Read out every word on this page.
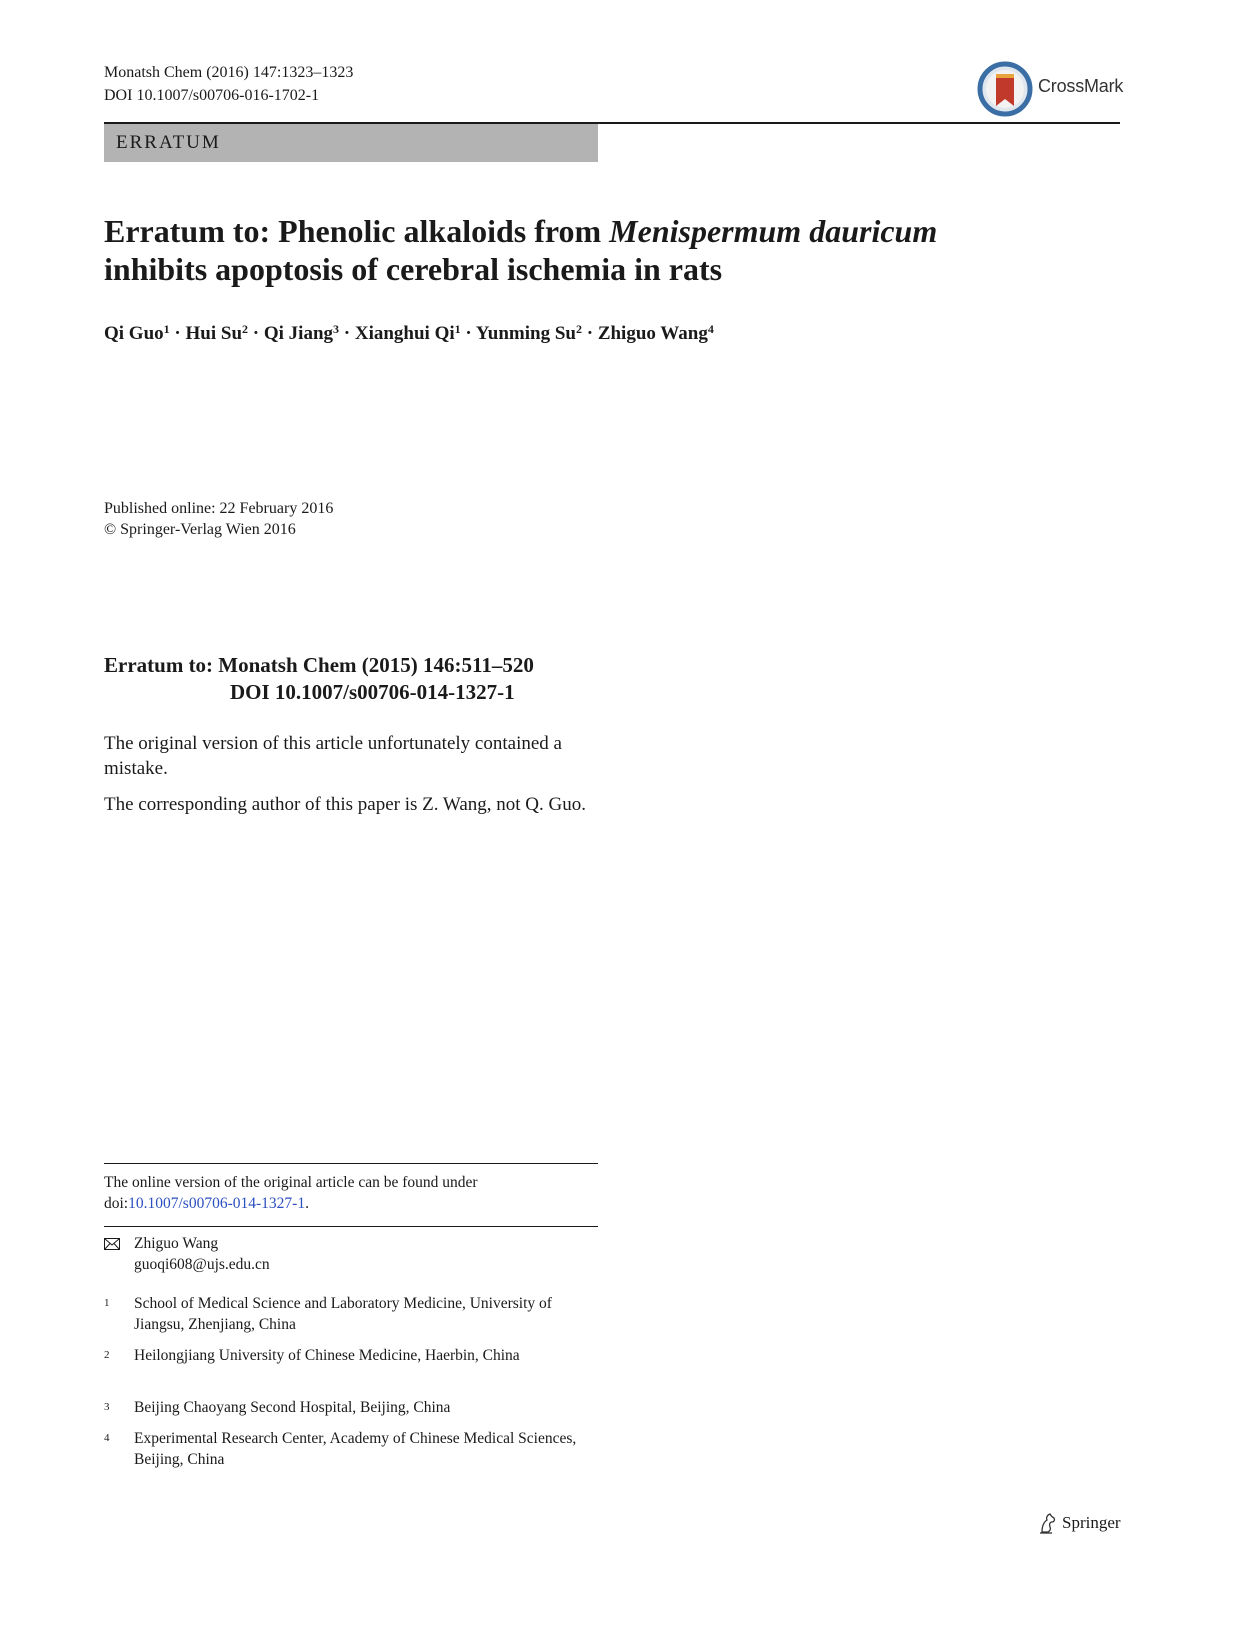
Monatsh Chem (2016) 147:1323–1323
DOI 10.1007/s00706-016-1702-1	CrossMark
ERRATUM
Erratum to: Phenolic alkaloids from Menispermum dauricum
inhibits apoptosis of cerebral ischemia in rats
Qi Guo$^1$ · Hui $Su^2 \cdot Qi$ Jiang$^3$ · Xianghui $Qi^1 \cdot Yunming$ $Su^2$ · Zhiguo Wang$^4$
Published online: 22 February 2016
© Springer-Verlag Wien 2016
Erratum to: Monatsh Chem (2015) 146:511–520
DOI 10.1007/s00706-014-1327-1
The original version of this article unfortunately contained a mistake.
The corresponding author of this paper is Z. Wang, not Q. Guo.
The online version of the original article can be found under doi:10.1007/s00706-014-1327-1.
Zhiguo Wang
guoqi608@ujs.edu.cn
1 School of Medical Science and Laboratory Medicine, University of Jiangsu, Zhenjiang, China
2 Heilongjiang University of Chinese Medicine, Haerbin, China
3 Beijing Chaoyang Second Hospital, Beijing, China
4 Experimental Research Center, Academy of Chinese Medical Sciences, Beijing, China
Springer
